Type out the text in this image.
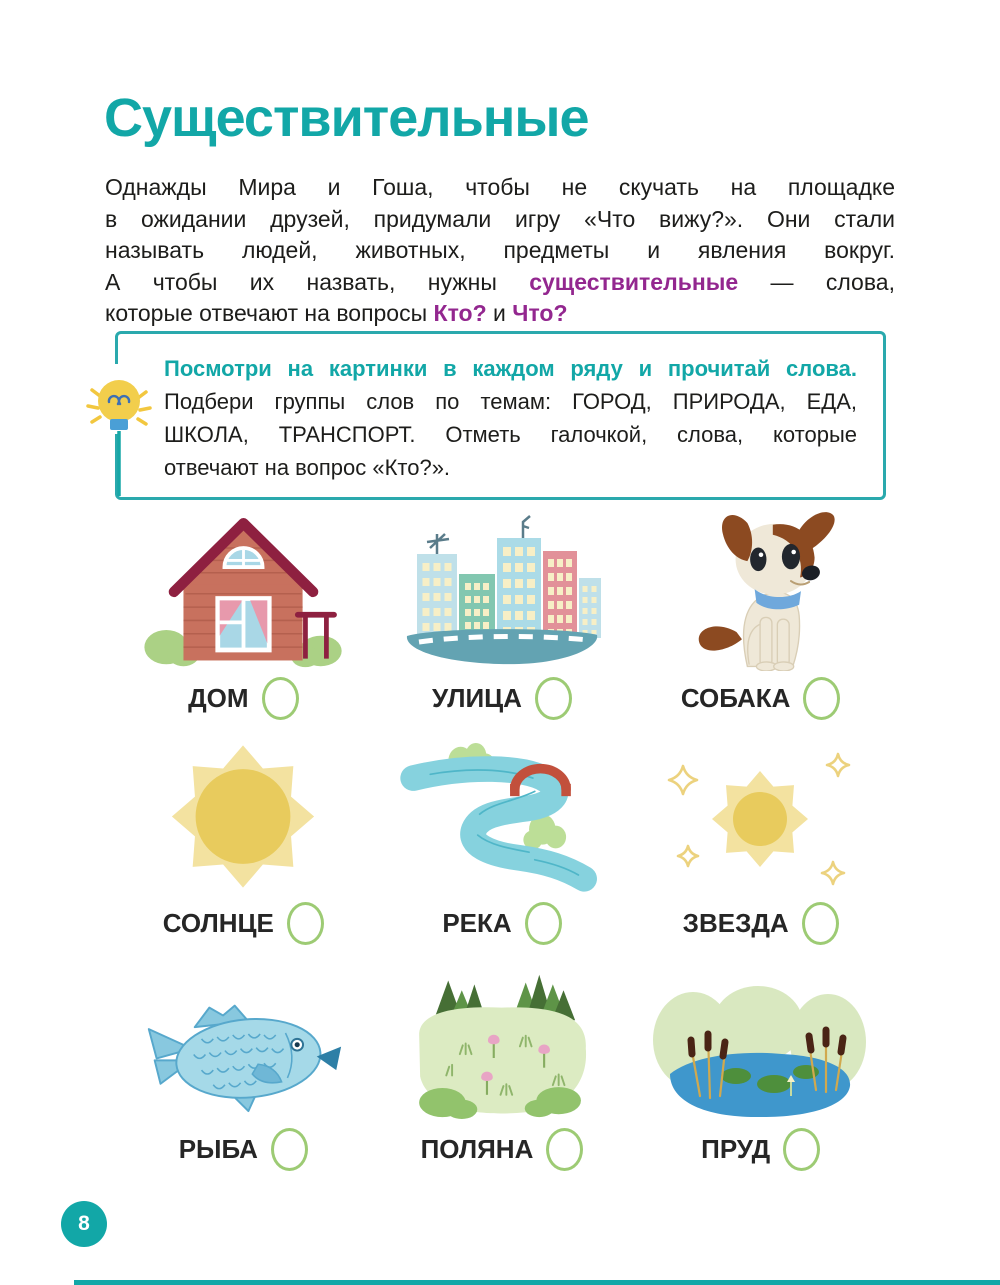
Существительные
Однажды Мира и Гоша, чтобы не скучать на площадке
в ожидании друзей, придумали игру «Что вижу?». Они стали
называть людей, животных, предметы и явления вокруг.
А чтобы их назвать, нужны существительные — слова,
которые отвечают на вопросы Кто? и Что?
Посмотри на картинки в каждом ряду и прочитай слова.
Подбери группы слов по темам: ГОРОД, ПРИРОДА, ЕДА,
ШКОЛА, ТРАНСПОРТ. Отметь галочкой, слова, которые
отвечают на вопрос «Кто?».
ДОМ	УЛИЦА	СОБАКА
СОЛНЦЕ	РЕКА	ЗВЕЗДА
РЫБА	ПОЛЯНА	ПРУД
8
